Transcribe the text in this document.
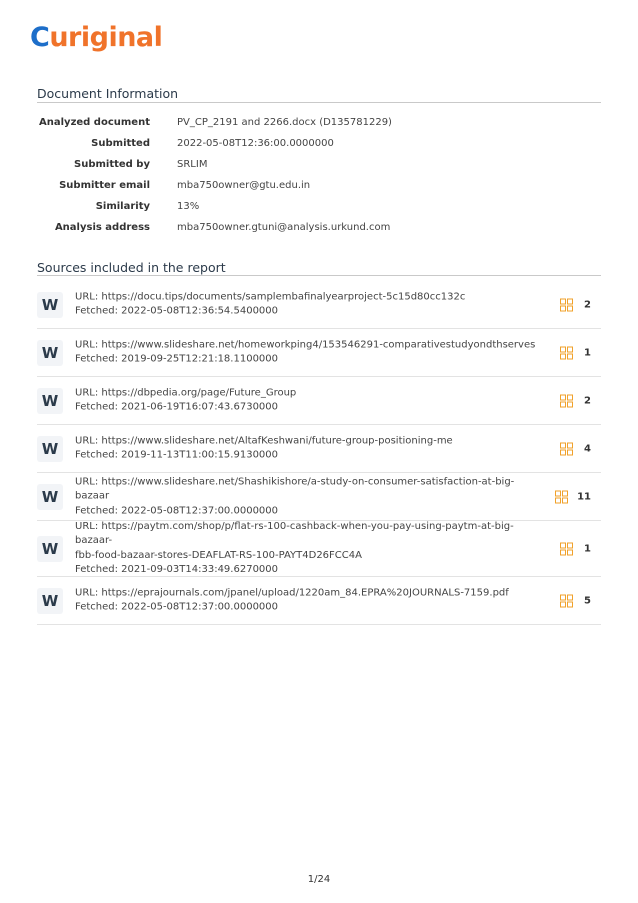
Curiginal
Document Information
Analyzed document	PV_CP_2191 and 2266.docx (D135781229)
Submitted	2022-05-08T12:36:00.0000000
Submitted by	SRLIM
Submitter email	mba750owner@gtu.edu.in
Similarity	13%
Analysis address	mba750owner.gtuni@analysis.urkund.com
Sources included in the report
W	URL: https://docu.tips/documents/samplembafinalyearproject-5c15d80cc132c
Fetched: 2022-05-08T12:36:54.5400000
2
W	URL: https://www.slideshare.net/homeworkping4/153546291-comparativestudyondthserves
Fetched: 2019-09-25T12:21:18.1100000
1
W	URL: https://dbpedia.org/page/Future_Group
Fetched: 2021-06-19T16:07:43.6730000
2
W	URL: https://www.slideshare.net/AltafKeshwani/future-group-positioning-me
Fetched: 2019-11-13T11:00:15.9130000
4
W
URL: https://www.slideshare.net/Shashikishore/a-study-on-consumer-satisfaction-at-big-bazaar
Fetched: 2022-05-08T12:37:00.0000000
11
W
URL: https://paytm.com/shop/p/flat-rs-100-cashback-when-you-pay-using-paytm-at-big-bazaar-
fbb-food-bazaar-stores-DEAFLAT-RS-100-PAYT4D26FCC4A
Fetched: 2021-09-03T14:33:49.6270000
1
W	URL: https://eprajournals.com/jpanel/upload/1220am_84.EPRA%20JOURNALS-7159.pdf
Fetched: 2022-05-08T12:37:00.0000000
5
1/24
